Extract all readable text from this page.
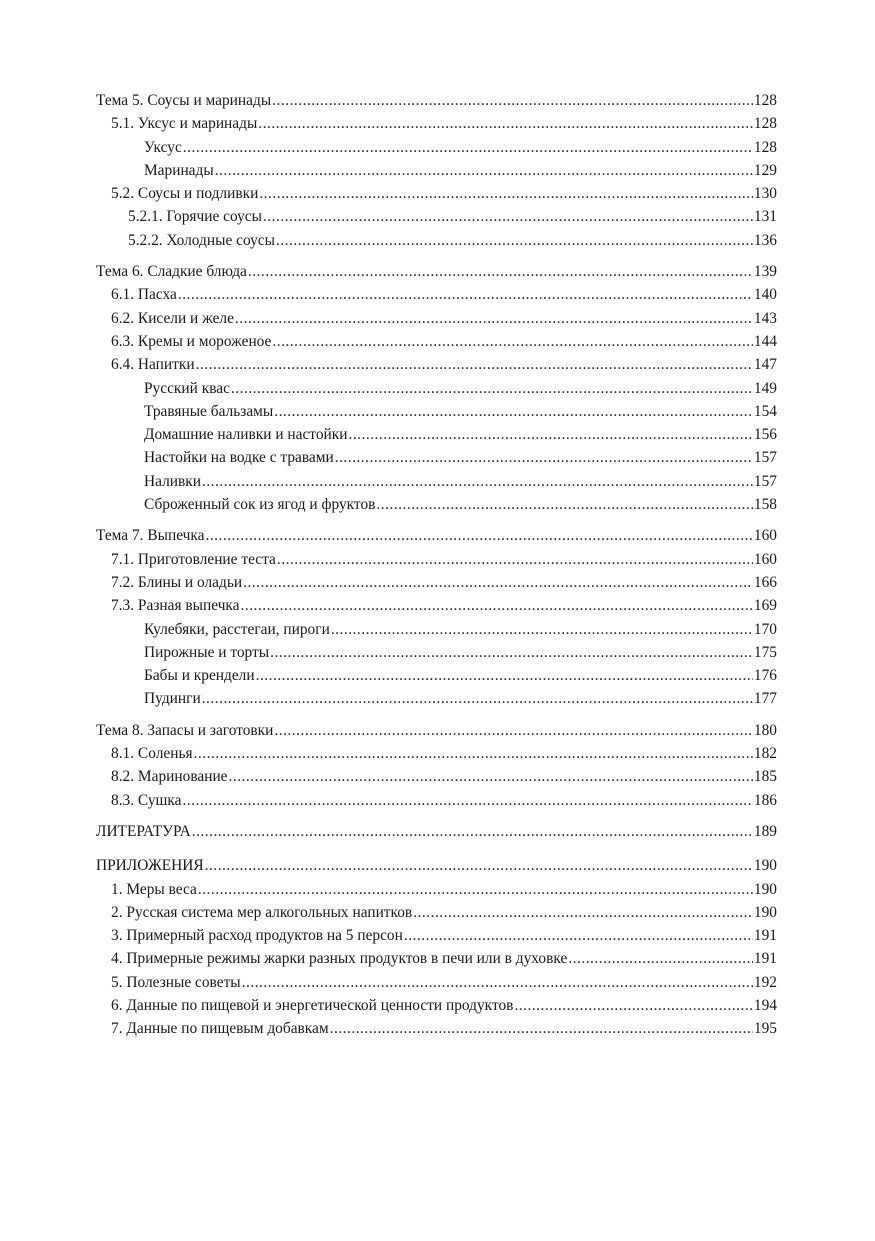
Тема 5. Соусы и маринады .....	128
5.1. Уксус и маринады .....	128
Уксус .....	128
Маринады .....	129
5.2. Соусы и подливки .....	130
5.2.1. Горячие соусы .....	131
5.2.2. Холодные соусы .....	136
Тема 6. Сладкие блюда .....	139
6.1. Пасха .....	140
6.2. Кисели и желе .....	143
6.3. Кремы и мороженое .....	144
6.4. Напитки .....	147
Русский квас .....	149
Травяные бальзамы .....	154
Домашние наливки и настойки .....	156
Настойки на водке с травами .....	157
Наливки .....	157
Сброженный сок из ягод и фруктов .....	158
Тема 7. Выпечка .....	160
7.1. Приготовление теста .....	160
7.2. Блины и оладьи .....	166
7.3. Разная выпечка .....	169
Кулебяки, расстегаи, пироги .....	170
Пирожные и торты .....	175
Бабы и крендели .....	176
Пудинги .....	177
Тема 8. Запасы и заготовки .....	180
8.1. Соленья .....	182
8.2. Маринование .....	185
8.3. Сушка .....	186
ЛИТЕРАТУРА .....	189
ПРИЛОЖЕНИЯ .....	190
1. Меры веса .....	190
2. Русская система мер алкогольных напитков .....	190
3. Примерный расход продуктов на 5 персон .....	191
4. Примерные режимы жарки разных продуктов в печи или в духовке .....	191
5. Полезные советы .....	192
6. Данные по пищевой и энергетической ценности продуктов .....	194
7. Данные по пищевым добавкам .....	195
